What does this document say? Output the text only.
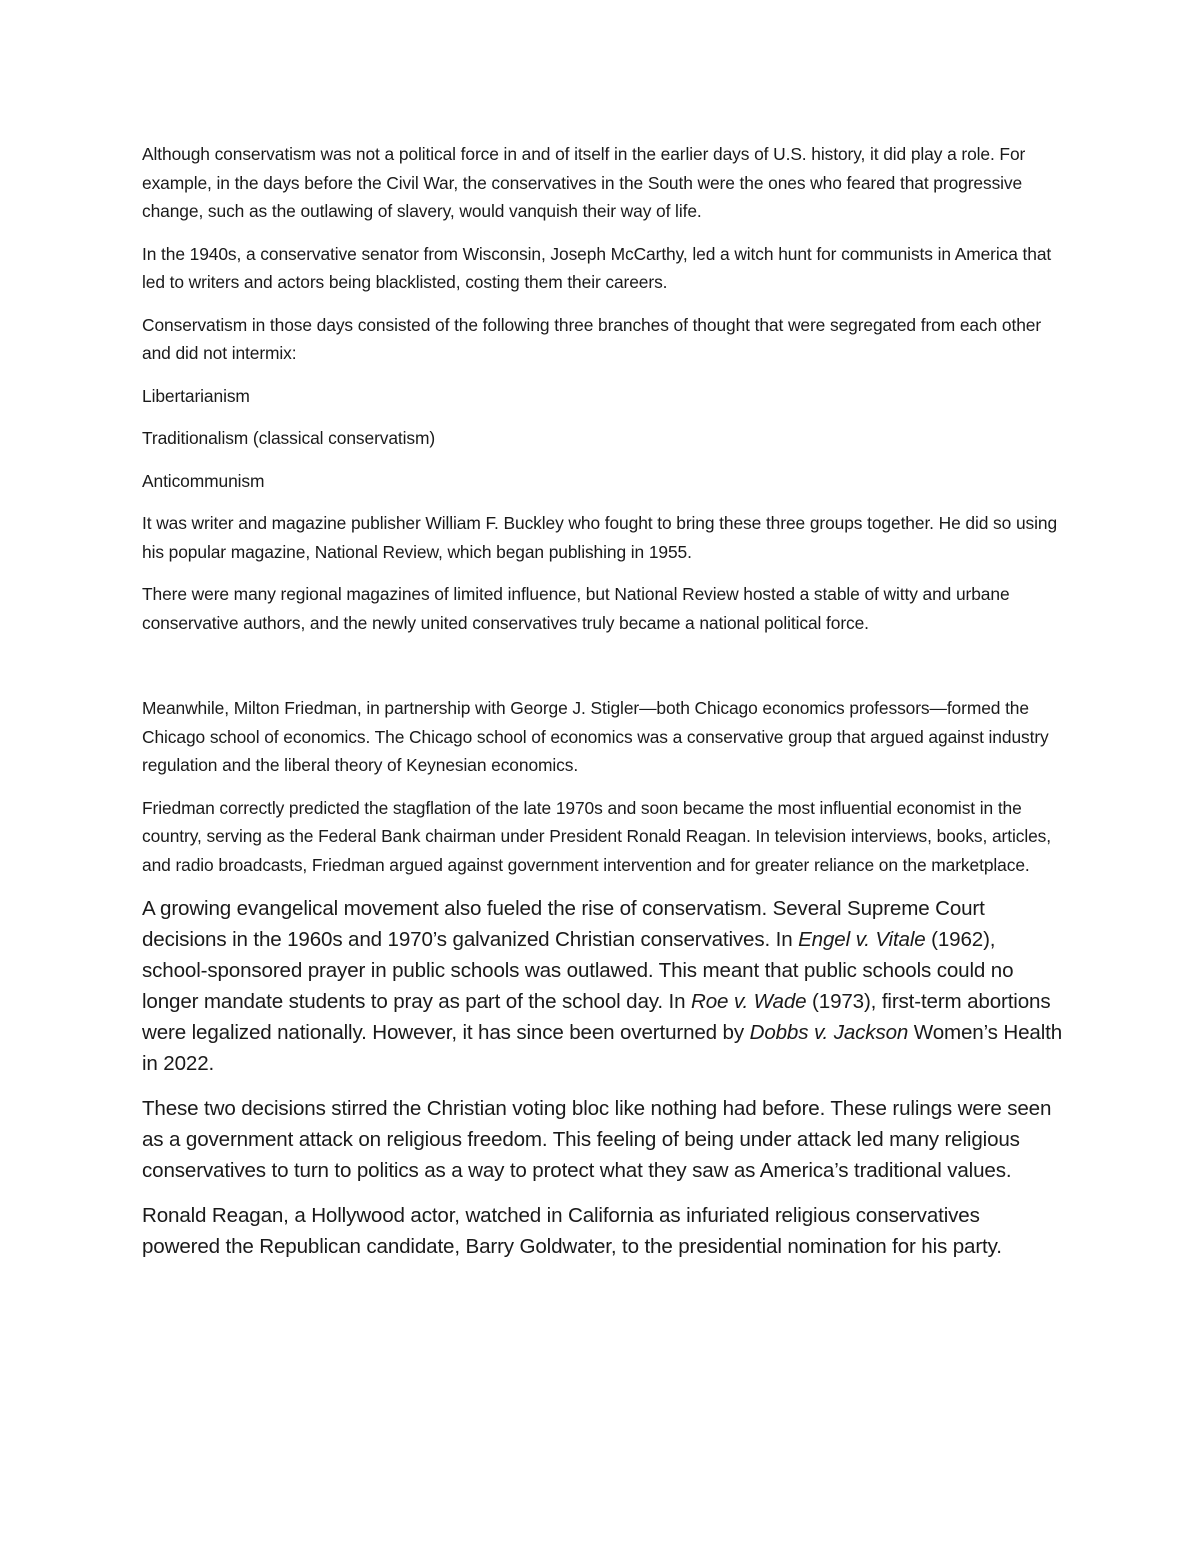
Although conservatism was not a political force in and of itself in the earlier days of U.S. history, it did play a role. For example, in the days before the Civil War, the conservatives in the South were the ones who feared that progressive change, such as the outlawing of slavery, would vanquish their way of life.

In the 1940s, a conservative senator from Wisconsin, Joseph McCarthy, led a witch hunt for communists in America that led to writers and actors being blacklisted, costing them their careers.

Conservatism in those days consisted of the following three branches of thought that were segregated from each other and did not intermix:

Libertarianism

Traditionalism (classical conservatism)

Anticommunism

It was writer and magazine publisher William F. Buckley who fought to bring these three groups together. He did so using his popular magazine, National Review, which began publishing in 1955.

There were many regional magazines of limited influence, but National Review hosted a stable of witty and urbane conservative authors, and the newly united conservatives truly became a national political force.

Meanwhile, Milton Friedman, in partnership with George J. Stigler—both Chicago economics professors—formed the Chicago school of economics. The Chicago school of economics was a conservative group that argued against industry regulation and the liberal theory of Keynesian economics.

Friedman correctly predicted the stagflation of the late 1970s and soon became the most influential economist in the country, serving as the Federal Bank chairman under President Ronald Reagan. In television interviews, books, articles, and radio broadcasts, Friedman argued against government intervention and for greater reliance on the marketplace.

A growing evangelical movement also fueled the rise of conservatism. Several Supreme Court decisions in the 1960s and 1970’s galvanized Christian conservatives. In Engel v. Vitale (1962), school-sponsored prayer in public schools was outlawed. This meant that public schools could no longer mandate students to pray as part of the school day. In Roe v. Wade (1973), first-term abortions were legalized nationally. However, it has since been overturned by Dobbs v. Jackson Women’s Health in 2022.

These two decisions stirred the Christian voting bloc like nothing had before. These rulings were seen as a government attack on religious freedom. This feeling of being under attack led many religious conservatives to turn to politics as a way to protect what they saw as America’s traditional values.

Ronald Reagan, a Hollywood actor, watched in California as infuriated religious conservatives powered the Republican candidate, Barry Goldwater, to the presidential nomination for his party.
